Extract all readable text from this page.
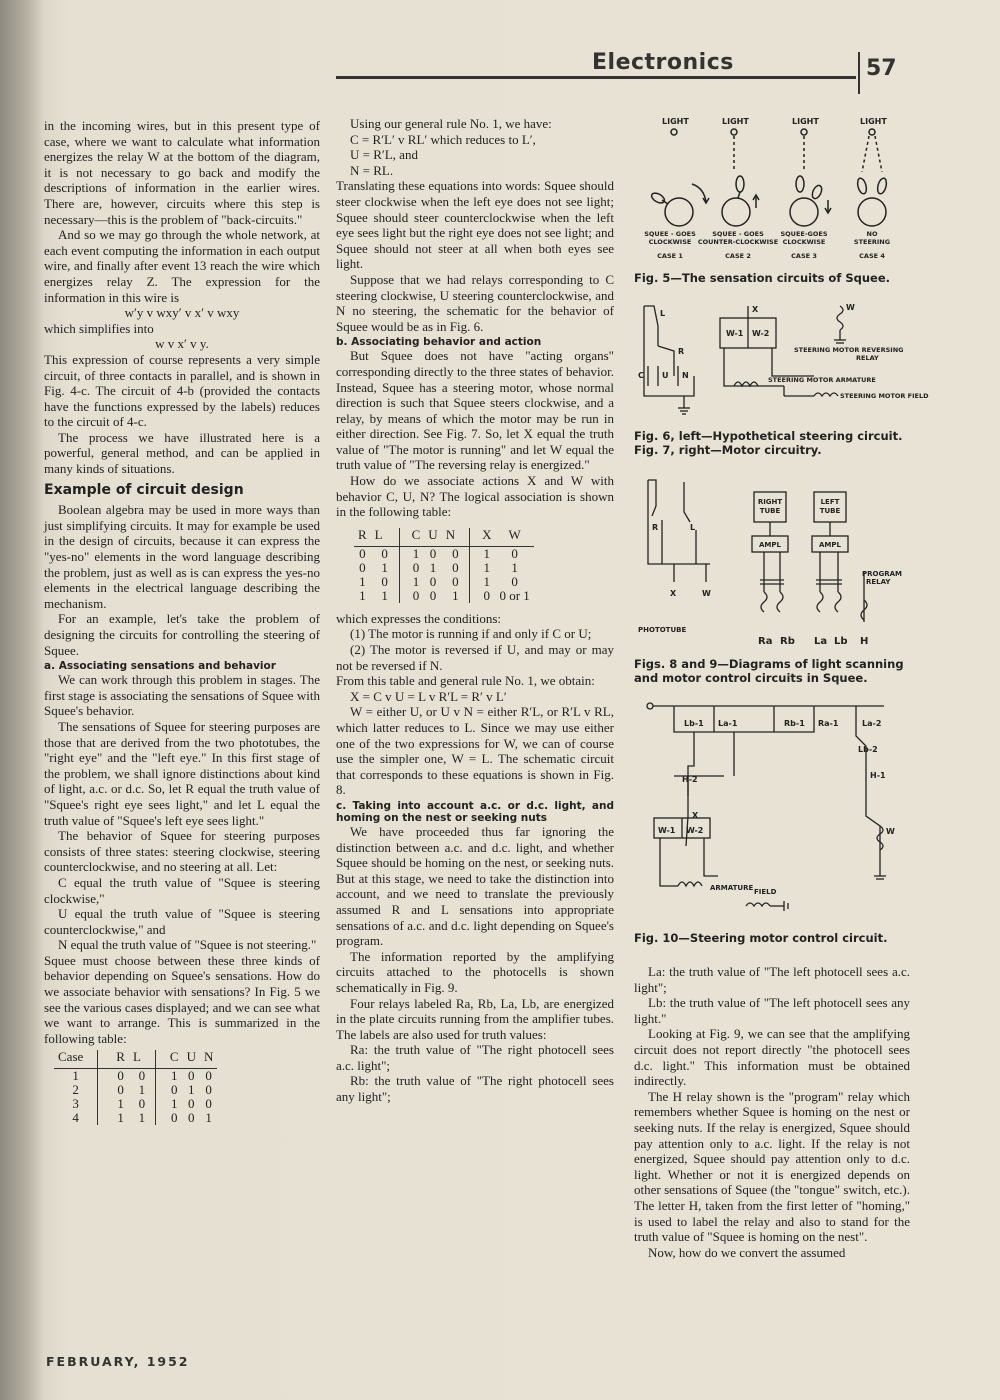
Electronics	57

in the incoming wires, but in this present type of case, where we want to calculate what information energizes the relay W at the bottom of the diagram, it is not necessary to go back and modify the descriptions of information in the earlier wires. There are, however, circuits where this step is necessary—this is the problem of "back-circuits."

And so we may go through the whole network, at each event computing the information in each output wire, and finally after event 13 reach the wire which energizes relay Z. The expression for the information in this wire is

w′y v wxy′ v x′ v wxy

which simplifies into

w v x′ v y.

This expression of course represents a very simple circuit, of three contacts in parallel, and is shown in Fig. 4-c. The circuit of 4-b (provided the contacts have the functions expressed by the labels) reduces to the circuit of 4-c.

The process we have illustrated here is a powerful, general method, and can be applied in many kinds of situations.

Example of circuit design

Boolean algebra may be used in more ways than just simplifying circuits. It may for example be used in the design of circuits, because it can express the "yes-no" elements in the word language describing the problem, just as well as is can express the yes-no elements in the electrical language describing the mechanism.

For an example, let's take the problem of designing the circuits for controlling the steering of Squee.

a. Associating sensations and behavior

We can work through this problem in stages. The first stage is associating the sensations of Squee with Squee's behavior.

The sensations of Squee for steering purposes are those that are derived from the two phototubes, the "right eye" and the "left eye." In this first stage of the problem, we shall ignore distinctions about kind of light, a.c. or d.c. So, let R equal the truth value of "Squee's right eye sees light," and let L equal the truth value of "Squee's left eye sees light."

The behavior of Squee for steering purposes consists of three states: steering clockwise, steering counterclockwise, and no steering at all. Let:

C equal the truth value of "Squee is steering clockwise,"

U equal the truth value of "Squee is steering counterclockwise," and

N equal the truth value of "Squee is not steering."

Squee must choose between these three kinds of behavior depending on Squee's sensations. How do we associate behavior with sensations? In Fig. 5 we see the various cases displayed; and we can see what we want to arrange. This is summarized in the following table:

Case	R	L	C	U	N
1	0	0	1	0	0
2	0	1	0	1	0
3	1	0	1	0	0
4	1	1	0	0	1

Using our general rule No. 1, we have:

C = R′L′ v RL′ which reduces to L′,

U = R′L, and

N = RL.

Translating these equations into words: Squee should steer clockwise when the left eye does not see light; Squee should steer counterclockwise when the left eye sees light but the right eye does not see light; and Squee should not steer at all when both eyes see light.

Suppose that we had relays corresponding to C steering clockwise, U steering counterclockwise, and N no steering, the schematic for the behavior of Squee would be as in Fig. 6.

b. Associating behavior and action

But Squee does not have "acting organs" corresponding directly to the three states of behavior. Instead, Squee has a steering motor, whose normal direction is such that Squee steers clockwise, and a relay, by means of which the motor may be run in either direction. See Fig. 7. So, let X equal the truth value of "The motor is running" and let W equal the truth value of "The reversing relay is energized."

How do we associate actions X and W with behavior C, U, N? The logical association is shown in the following table:

R	L	C	U	N	X	W
0	0	1	0	0	1	0
0	1	0	1	0	1	1
1	0	1	0	0	1	0
1	1	0	0	1	0	0 or 1

which expresses the conditions:

(1) The motor is running if and only if C or U;

(2) The motor is reversed if U, and may or may not be reversed if N.

From this table and general rule No. 1, we obtain:

X = C v U = L v R′L = R′ v L′

W = either U, or U v N = either R′L, or R′L v RL, which latter reduces to L. Since we may use either one of the two expressions for W, we can of course use the simpler one, W = L. The schematic circuit that corresponds to these equations is shown in Fig. 8.

c. Taking into account a.c. or d.c. light, and homing on the nest or seeking nuts

We have proceeded thus far ignoring the distinction between a.c. and d.c. light, and whether Squee should be homing on the nest, or seeking nuts. But at this stage, we need to take the distinction into account, and we need to translate the previously assumed R and L sensations into appropriate sensations of a.c. and d.c. light depending on Squee's program.

The information reported by the amplifying circuits attached to the photocells is shown schematically in Fig. 9.

Four relays labeled Ra, Rb, La, Lb, are energized in the plate circuits running from the amplifier tubes. The labels are also used for truth values:

Ra: the truth value of "The right photocell sees a.c. light";

Rb: the truth value of "The right photocell sees any light";

La: the truth value of "The left photocell sees a.c. light";

Lb: the truth value of "The left photocell sees any light."

Looking at Fig. 9, we can see that the amplifying circuit does not report directly "the photocell sees d.c. light." This information must be obtained indirectly.

The H relay shown is the "program" relay which remembers whether Squee is homing on the nest or seeking nuts. If the relay is energized, Squee should pay attention only to a.c. light. If the relay is not energized, Squee should pay attention only to d.c. light. Whether or not it is energized depends on other sensations of Squee (the "tongue" switch, etc.). The letter H, taken from the first letter of "homing," is used to label the relay and also to stand for the truth value of "Squee is homing on the nest".

Now, how do we convert the assumed

LIGHT	LIGHT	LIGHT	LIGHT
SQUEE - GOES
CLOCKWISE
CASE 1
SQUEE - GOES
COUNTER-CLOCKWISE
CASE 2
SQUEE-GOES
CLOCKWISE
CASE 3
NO
STEERING
CASE 4
Fig. 5—The sensation circuits of Squee.
L
R
C U N
X
W-1 W-2
W
STEERING MOTOR REVERSING
RELAY
STEERING MOTOR ARMATURE
STEERING MOTOR FIELD
Fig. 6, left—Hypothetical steering circuit. Fig. 7, right—Motor circuitry.
R	L
X	W
RIGHT
TUBE
LEFT
TUBE
AMPL	AMPL
PROGRAM
RELAY
PHOTOTUBE
Ra Rb La Lb H
Figs. 8 and 9—Diagrams of light scanning and motor control circuits in Squee.
Lb-1 La-1	Rb-1 Ra-1	La-2
Lb-2
H-2	H-1
X
W-1 W-2	W
ARMATURE FIELD
Fig. 10—Steering motor control circuit.
FEBRUARY, 1952
